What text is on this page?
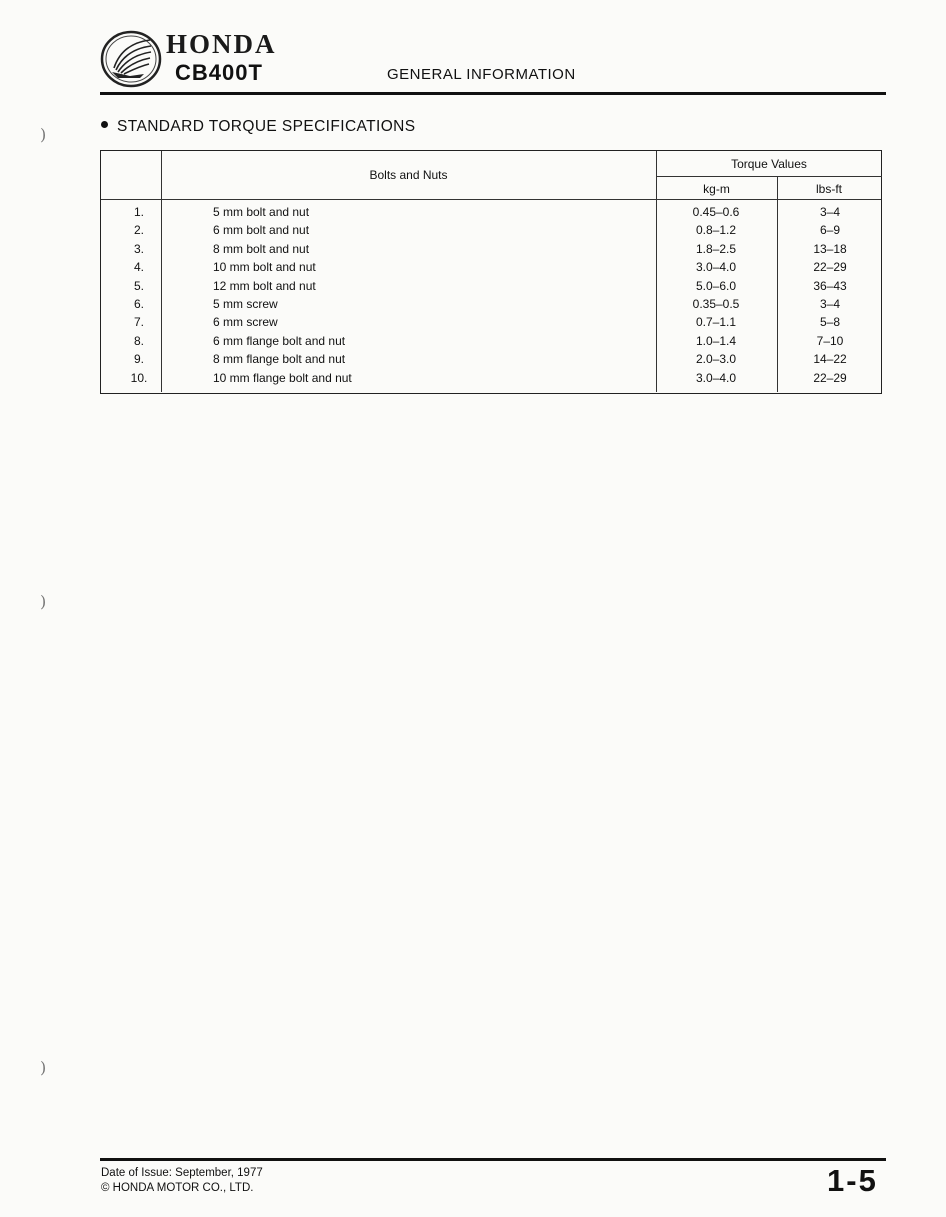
HONDA
CB400T	GENERAL INFORMATION
STANDARD TORQUE SPECIFICATIONS
Bolts and Nuts
Torque Values
kg-m	lbs-ft
1.	5 mm bolt and nut	0.45–0.6	3–4
2.	6 mm bolt and nut	0.8–1.2	6–9
3.	8 mm bolt and nut	1.8–2.5	13–18
4.	10 mm bolt and nut	3.0–4.0	22–29
5.	12 mm bolt and nut	5.0–6.0	36–43
6.	5 mm screw	0.35–0.5	3–4
7.	6 mm screw	0.7–1.1	5–8
8.	6 mm flange bolt and nut	1.0–1.4	7–10
9.	8 mm flange bolt and nut	2.0–3.0	14–22
10.	10 mm flange bolt and nut	3.0–4.0	22–29
)
)
)
Date of Issue: September, 1977
© HONDA MOTOR CO., LTD.	1-5
